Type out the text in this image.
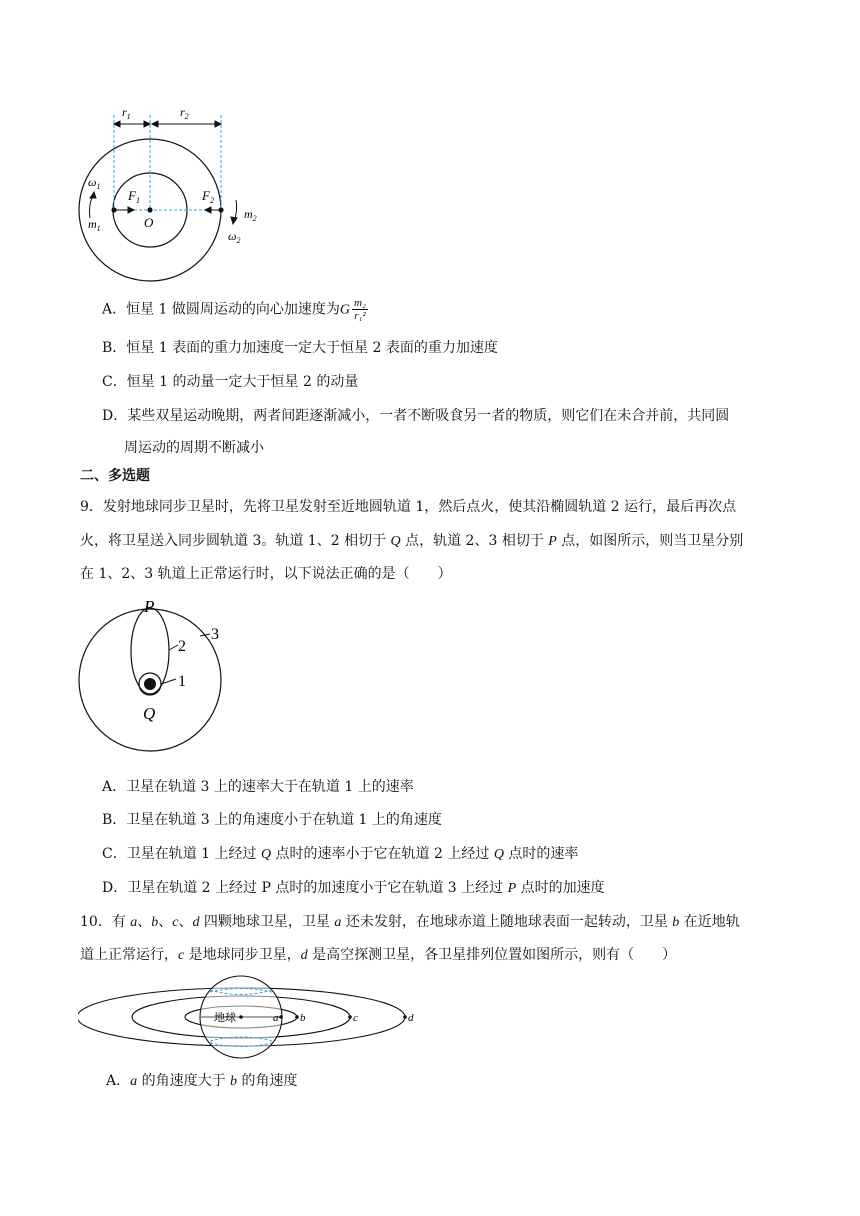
$r_1$	$r_2$
$\omega_1$
$m_1$
$F_1$
O
$F_2$
$m_2$
$\omega_2$
A．恒星 1 做圆周运动的向心加速度为G $\frac{\text{m₂}}{\text{r₁²}}$
B．恒星 1 表面的重力加速度一定大于恒星 2 表面的重力加速度
C．恒星 1 的动量一定大于恒星 2 的动量
D．某些双星运动晚期，两者间距逐渐减小，一者不断吸食另一者的物质，则它们在未合并前，共同圆
周运动的周期不断减小
二、多选题
9．发射地球同步卫星时，先将卫星发射至近地圆轨道 1，然后点火，使其沿椭圆轨道 2 运行，最后再次点
火，将卫星送入同步圆轨道 3。轨道 1、2 相切于 Q 点，轨道 2、3 相切于 P 点，如图所示，则当卫星分别
在 1、2、3 轨道上正常运行时，以下说法正确的是（　　）
P
Q
1
2
3
A．卫星在轨道 3 上的速率大于在轨道 1 上的速率
B．卫星在轨道 3 上的角速度小于在轨道 1 上的角速度
C．卫星在轨道 1 上经过 Q 点时的速率小于它在轨道 2 上经过 Q 点时的速率
D．卫星在轨道 2 上经过 P 点时的加速度小于它在轨道 3 上经过 P 点时的加速度
10．有 a、b、c、d 四颗地球卫星，卫星 a 还未发射，在地球赤道上随地球表面一起转动，卫星 b 在近地轨
道上正常运行，c 是地球同步卫星，d 是高空探测卫星，各卫星排列位置如图所示，则有（　　）
地球	a b	c	d
A．a 的角速度大于 b 的角速度
